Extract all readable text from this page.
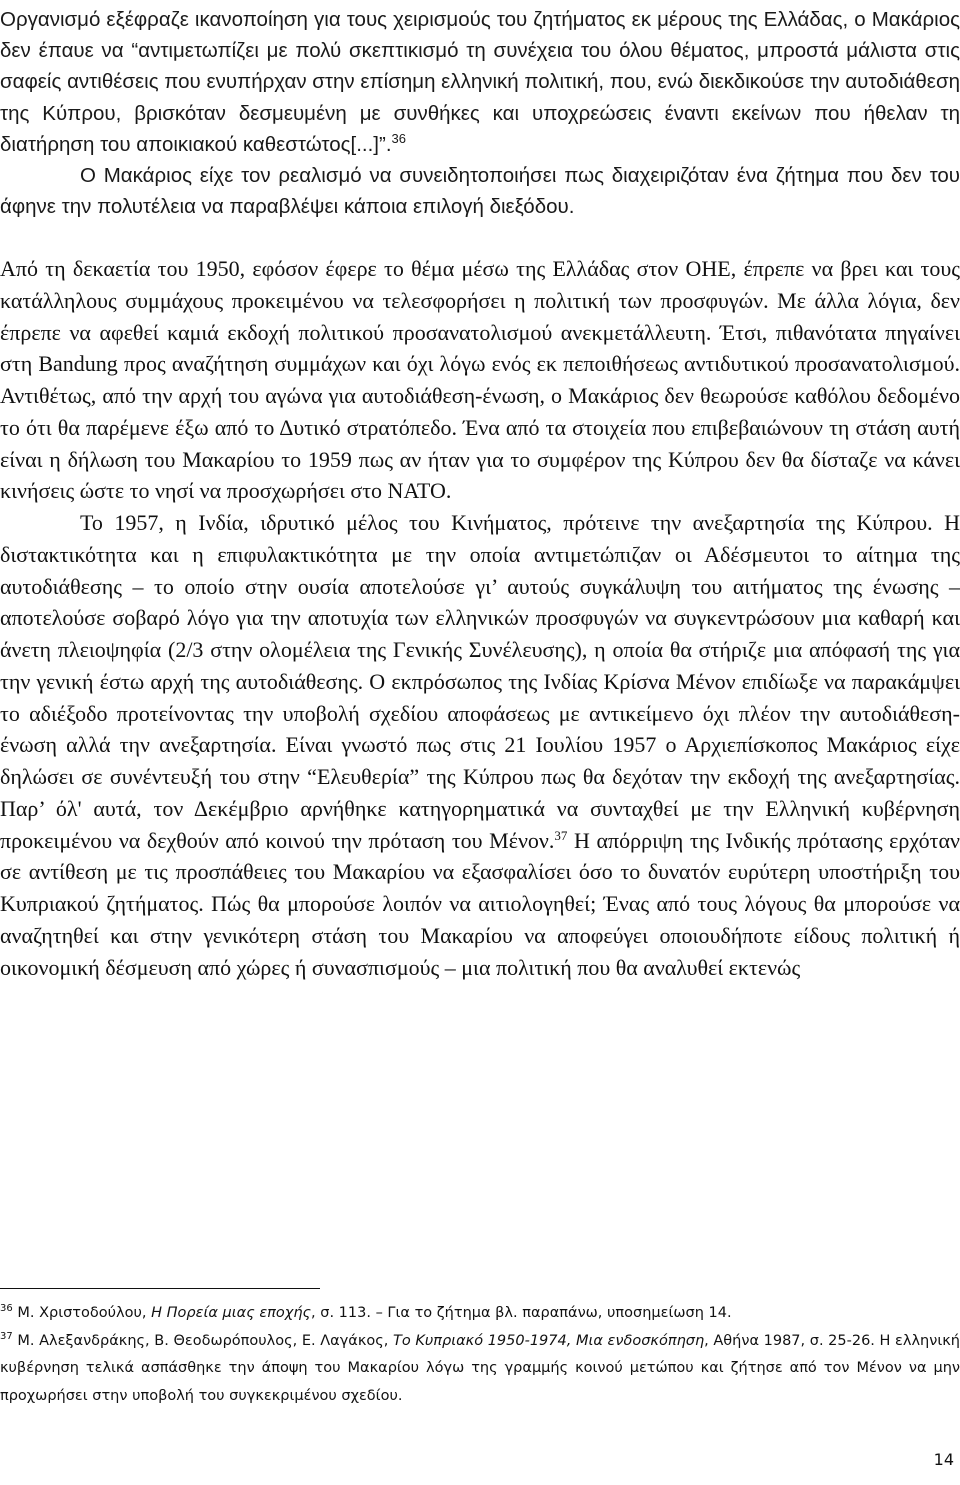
Οργανισμό εξέφραζε ικανοποίηση για τους χειρισμούς του ζητήματος εκ μέρους της Ελλάδας, ο Μακάριος δεν έπαυε να “αντιμετωπίζει με πολύ σκεπτικισμό τη συνέχεια του όλου θέματος, μπροστά μάλιστα στις σαφείς αντιθέσεις που ενυπήρχαν στην επίσημη ελληνική πολιτική, που, ενώ διεκδικούσε την αυτοδιάθεση της Κύπρου, βρισκόταν δεσμευμένη με συνθήκες και υποχρεώσεις έναντι εκείνων που ήθελαν τη διατήρηση του αποικιακού καθεστώτος[...]”.$^{36}$

Ο Μακάριος είχε τον ρεαλισμό να συνειδητοποιήσει πως διαχειριζόταν ένα ζήτημα που δεν του άφηνε την πολυτέλεια να παραβλέψει κάποια επιλογή διεξόδου.

Από τη δεκαετία του 1950, εφόσον έφερε το θέμα μέσω της Ελλάδας στον ΟΗΕ, έπρεπε να βρει και τους κατάλληλους συμμάχους προκειμένου να τελεσφορήσει η πολιτική των προσφυγών. Με άλλα λόγια, δεν έπρεπε να αφεθεί καμιά εκδοχή πολιτικού προσανατολισμού ανεκμετάλλευτη. Έτσι, πιθανότατα πηγαίνει στη Bandung προς αναζήτηση συμμάχων και όχι λόγω ενός εκ πεποιθήσεως αντιδυτικού προσανατολισμού. Αντιθέτως, από την αρχή του αγώνα για αυτοδιάθεση-ένωση, ο Μακάριος δεν θεωρούσε καθόλου δεδομένο το ότι θα παρέμενε έξω από το Δυτικό στρατόπεδο. Ένα από τα στοιχεία που επιβεβαιώνουν τη στάση αυτή είναι η δήλωση του Μακαρίου το 1959 πως αν ήταν για το συμφέρον της Κύπρου δεν θα δίσταζε να κάνει κινήσεις ώστε το νησί να προσχωρήσει στο ΝΑΤΟ.

Το 1957, η Ινδία, ιδρυτικό μέλος του Κινήματος, πρότεινε την ανεξαρτησία της Κύπρου. Η διστακτικότητα και η επιφυλακτικότητα με την οποία αντιμετώπιζαν οι Αδέσμευτοι το αίτημα της αυτοδιάθεσης – το οποίο στην ουσία αποτελούσε γι’ αυτούς συγκάλυψη του αιτήματος της ένωσης – αποτελούσε σοβαρό λόγο για την αποτυχία των ελληνικών προσφυγών να συγκεντρώσουν μια καθαρή και άνετη πλειοψηφία (2/3 στην ολομέλεια της Γενικής Συνέλευσης), η οποία θα στήριζε μια απόφασή της για την γενική έστω αρχή της αυτοδιάθεσης. Ο εκπρόσωπος της Ινδίας Κρίσνα Μένον επιδίωξε να παρακάμψει το αδιέξοδο προτείνοντας την υποβολή σχεδίου αποφάσεως με αντικείμενο όχι πλέον την αυτοδιάθεση-ένωση αλλά την ανεξαρτησία. Είναι γνωστό πως στις 21 Ιουλίου 1957 ο Αρχιεπίσκοπος Μακάριος είχε δηλώσει σε συνέντευξή του στην “Ελευθερία” της Κύπρου πως θα δεχόταν την εκδοχή της ανεξαρτησίας. Παρ’ όλ' αυτά, τον Δεκέμβριο αρνήθηκε κατηγορηματικά να συνταχθεί με την Ελληνική κυβέρνηση προκειμένου να δεχθούν από κοινού την πρόταση του Μένον.$^{37}$ Η απόρριψη της Ινδικής πρότασης ερχόταν σε αντίθεση με τις προσπάθειες του Μακαρίου να εξασφαλίσει όσο το δυνατόν ευρύτερη υποστήριξη του Κυπριακού ζητήματος. Πώς θα μπορούσε λοιπόν να αιτιολογηθεί; Ένας από τους λόγους θα μπορούσε να αναζητηθεί και στην γενικότερη στάση του Μακαρίου να αποφεύγει οποιουδήποτε είδους πολιτική ή οικονομική δέσμευση από χώρες ή συνασπισμούς – μια πολιτική που θα αναλυθεί εκτενώς

$^{36}$ Μ. Χριστοδούλου, Η Πορεία μιας εποχής, σ. 113. – Για το ζήτημα βλ. παραπάνω, υποσημείωση 14.

$^{37}$ Μ. Αλεξανδράκης, Β. Θεοδωρόπουλος, Ε. Λαγάκος, Το Κυπριακό 1950-1974, Μια ενδοσκόπηση, Αθήνα 1987, σ. 25-26. Η ελληνική κυβέρνηση τελικά ασπάσθηκε την άποψη του Μακαρίου λόγω της γραμμής κοινού μετώπου και ζήτησε από τον Μένον να μην προχωρήσει στην υποβολή του συγκεκριμένου σχεδίου.

14
